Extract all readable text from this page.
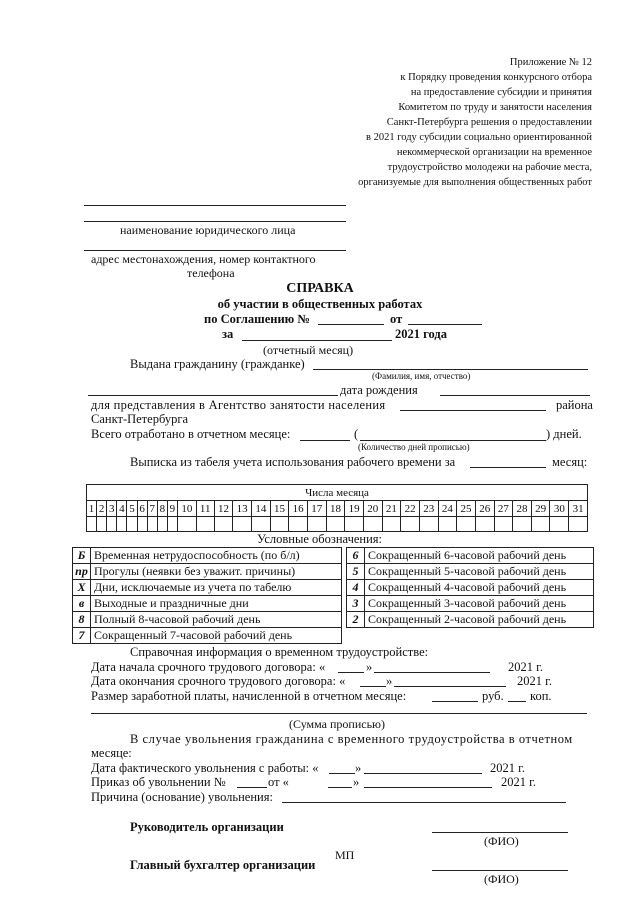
Приложение № 12
к Порядку проведения конкурсного отбора
на предоставление субсидии и принятия
Комитетом по труду и занятости населения
Санкт-Петербурга решения о предоставлении
в 2021 году субсидии социально ориентированной
некоммерческой организации на временное
трудоустройство молодежи на рабочие места,
организуемые для выполнения общественных работ
наименование юридического лица
адрес местонахождения, номер контактного
телефона
СПРАВКА
об участии в общественных работах
по Соглашению №	от
за	2021 года
(отчетный месяц)
Выдана гражданину (гражданке)
(Фамилия, имя, отчество)
дата рождения
для представления в Агентство занятости населения	района
Санкт-Петербурга
Всего отработано в отчетном месяце:	(	) дней.
(Количество дней прописью)
Выписка из табеля учета использования рабочего времени за	месяц:
Числа месяца																														
1	2	3	4	5	6	7	8	9	10	11	12	13	14	15	16	17	18	19	20	21	22	23	24	25	26	27	28	29	30	31

Условные обозначения:
Б	Временная нетрудоспособность (по б/л)
пр	Прогулы (неявки без уважит. причины)
Х	Дни, исключаемые из учета по табелю
в	Выходные и праздничные дни
8	Полный 8-часовой рабочий день
7	Сокращенный 7-часовой рабочий день
6	Сокращенный 6-часовой рабочий день
5	Сокращенный 5-часовой рабочий день
4	Сокращенный 4-часовой рабочий день
3	Сокращенный 3-часовой рабочий день
2	Сокращенный 2-часовой рабочий день
Справочная информация о временном трудоустройстве:
Дата начала срочного трудового договора: «	»	2021 г.
Дата окончания срочного трудового договора: «	»	2021 г.
Размер заработной платы, начисленной в отчетном месяце:	руб. коп.
(Сумма прописью)
В случае увольнения гражданина с временного трудоустройства в отчетном
месяце:
Дата фактического увольнения с работы: «	»	2021 г.
Приказ об увольнении №	от «	»	2021 г.
Причина (основание) увольнения:
Руководитель организации
(ФИО)
МП
Главный бухгалтер организации
(ФИО)
